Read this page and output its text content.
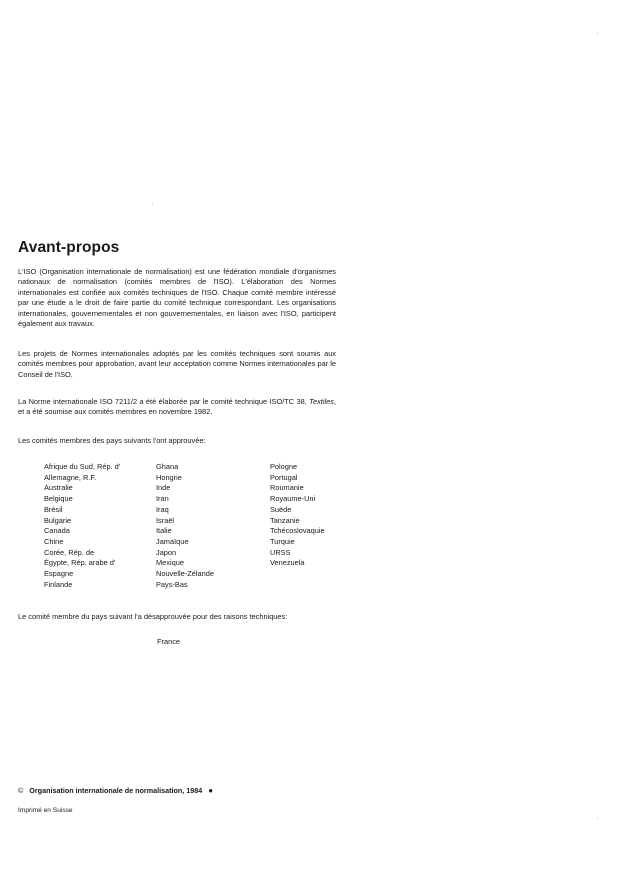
Avant-propos

L'ISO (Organisation internationale de normalisation) est une fédération mondiale d'organismes nationaux de normalisation (comités membres de l'ISO). L'élaboration des Normes internationales est confiée aux comités techniques de l'ISO. Chaque comité membre intéressé par une étude a le droit de faire partie du comité technique correspondant. Les organisations internationales, gouvernementales et non gouvernementales, en liaison avec l'ISO, participent également aux travaux.

Les projets de Normes internationales adoptés par les comités techniques sont soumis aux comités membres pour approbation, avant leur acceptation comme Normes internationales par le Conseil de l'ISO.

La Norme internationale ISO 7211/2 a été élaborée par le comité technique ISO/TC 38, Textiles, et a été soumise aux comités membres en novembre 1982.

Les comités membres des pays suivants l'ont approuvée:

Afrique du Sud, Rép. d'
Allemagne, R.F.
Australie
Belgique
Brésil
Bulgarie
Canada
Chine
Corée, Rép. de
Égypte, Rép. arabe d'
Espagne
Finlande
Ghana
Hongrie
Inde
Iran
Iraq
Israël
Italie
Jamaïque
Japon
Mexique
Nouvelle-Zélande
Pays-Bas
Pologne
Portugal
Roumanie
Royaume-Uni
Suède
Tanzanie
Tchécoslovaquie
Turquie
URSS
Venezuela

Le comité membre du pays suivant l'a désapprouvée pour des raisons techniques:

France
© Organisation internationale de normalisation, 1984 ●
Imprimé en Suisse
